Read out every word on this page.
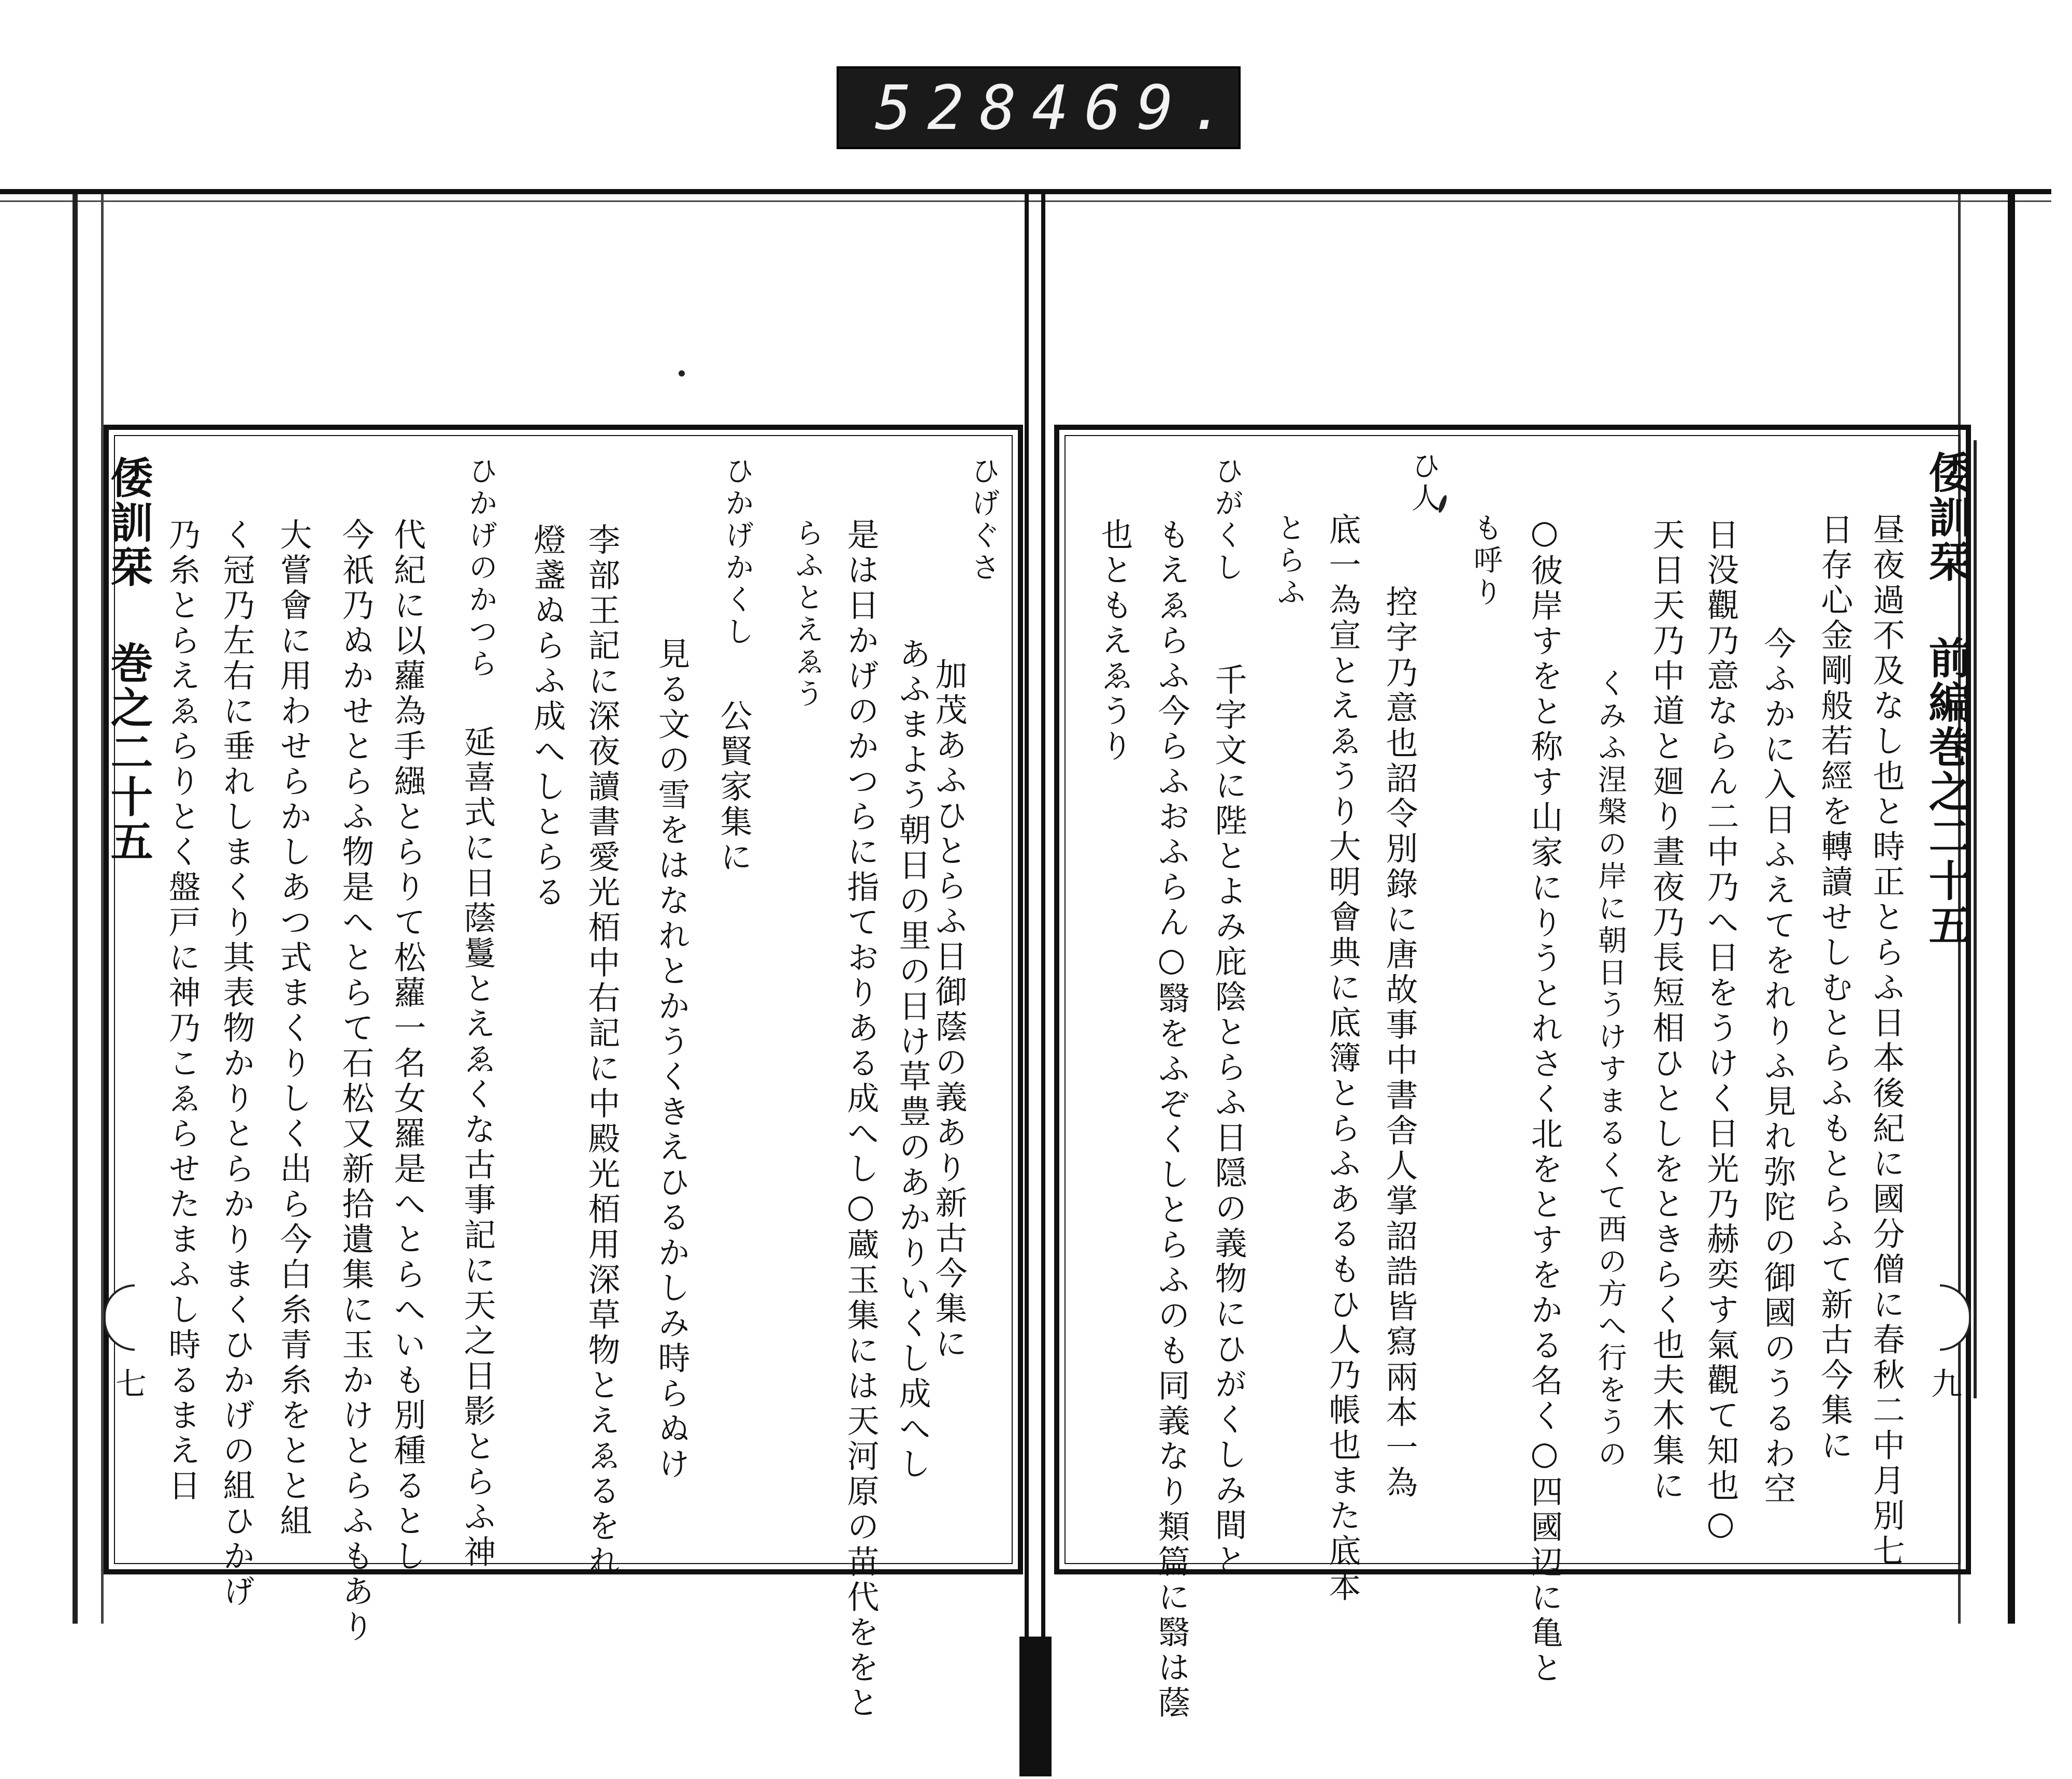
528 469.
倭訓栞 巻之二十五
七
ひげぐさ
加茂あふひとらふ日御蔭の義あり新古今集に
あふまよう朝日の里の日け草豊のあかりいくし成へし
是は日かげのかつらに指ておりある成へし○蔵玉集には天河原の苗代ををと
らふとえゑう
ひかげかくし
公賢家集に
見る文の雪をはなれとかうくきえひるかしみ時らぬけ
李部王記に深夜讀書愛光栢中右記に中殿光栢用深草物とえゑるをれ
燈盞ぬらふ成へしとらる
ひかげのかつら
延喜式に日蔭鬘とえゑくな古事記に天之日影とらふ神
代紀に以蘿為手繦とらりて松蘿一名女羅是へとらへいも別種るとし
今祇乃ぬかせとらふ物是へとらて石松又新拾遺集に玉かけとらふもあり
大嘗會に用わせらかしあつ式まくりしく出ら今白糸青糸をとと組
く冠乃左右に垂れしまくり其表物かりとらかりまくひかげの組ひかげ
乃糸とらえゑらりとく盤戸に神乃こゑらせたまふし時るまえ日	倭訓栞 前編巻之二十五
九
昼夜過不及なし也と時正とらふ日本後紀に國分僧に春秋二中月別七
日存心金剛般若經を轉讀せしむとらふもとらふて新古今集に
今ふかに入日ふえてをれりふ見れ弥陀の御國のうるわ空
日没觀乃意ならん二中乃へ日をうけく日光乃赫奕す氣觀て知也○
天日天乃中道と廻り晝夜乃長短相ひとしをときらく也夫木集に
くみふ涅槃の岸に朝日うけすまるくて西の方へ行をうの
○彼岸すをと称す山家にりうとれさく北をとすをかる名く○四國辺に亀と
も呼り
ひ人
控字乃意也詔令別錄に唐故事中書舎人掌詔誥皆寫兩本一為
底一為宣とえゑうり大明會典に底簿とらふあるもひ人乃帳也また底本
とらふ
ひがくし
千字文に陛とよみ庇陰とらふ日隠の義物にひがくしみ間と
もえゑらふ今らふおふらん○翳をふぞくしとらふのも同義なり類篇に翳は蔭
也ともえゑうり
